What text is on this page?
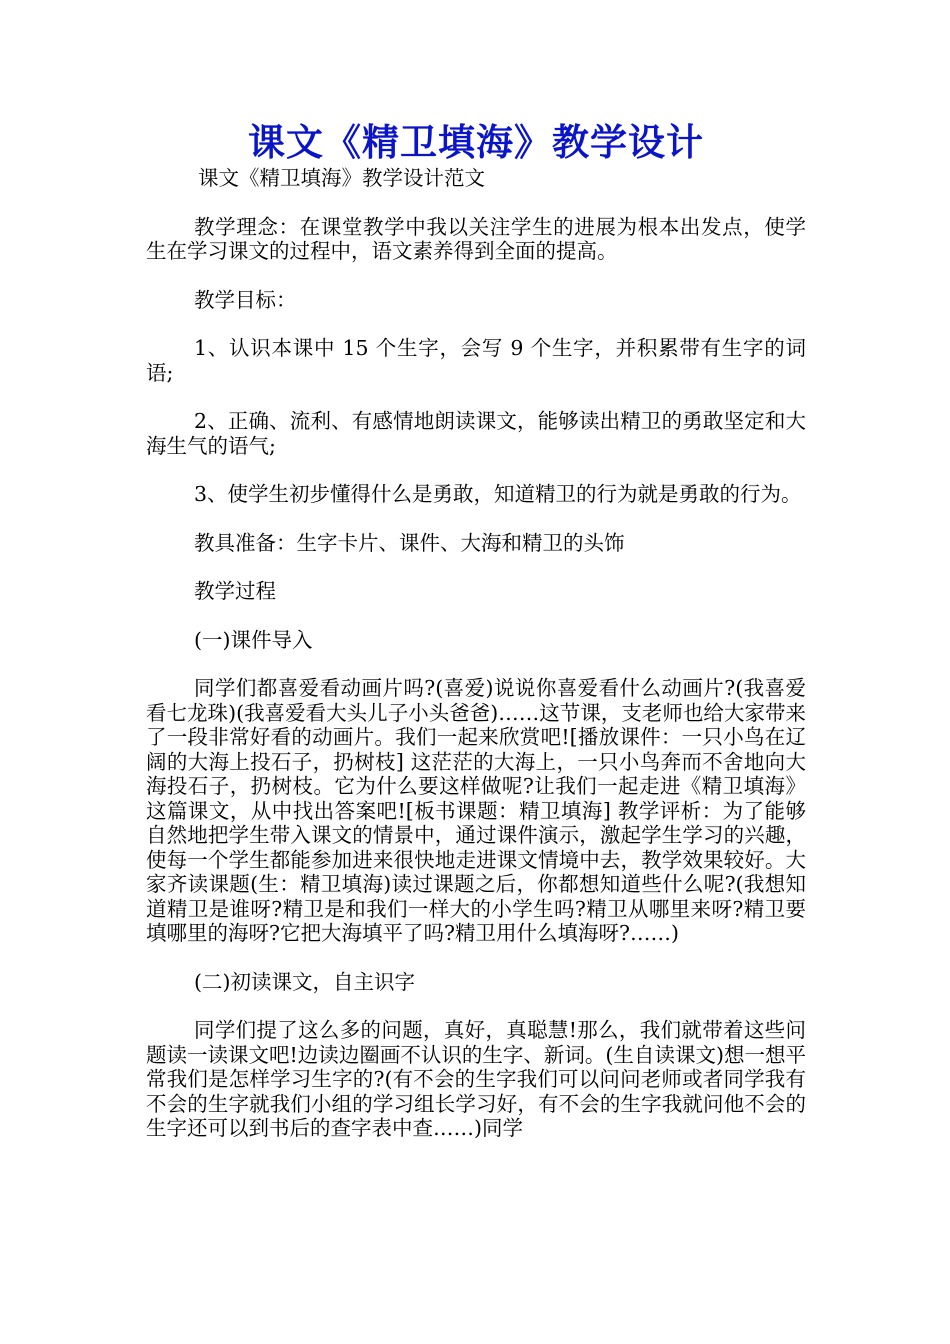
课文《精卫填海》教学设计
课文《精卫填海》教学设计范文

教学理念：在课堂教学中我以关注学生的进展为根本出发点，使学生在学习课文的过程中，语文素养得到全面的提高。

教学目标：

1、认识本课中 15 个生字，会写 9 个生字，并积累带有生字的词语;

2、正确、流利、有感情地朗读课文，能够读出精卫的勇敢坚定和大海生气的语气;

3、使学生初步懂得什么是勇敢，知道精卫的行为就是勇敢的行为。

教具准备：生字卡片、课件、大海和精卫的头饰

教学过程

(一)课件导入

同学们都喜爱看动画片吗?(喜爱)说说你喜爱看什么动画片?(我喜爱看七龙珠)(我喜爱看大头儿子小头爸爸)……这节课，支老师也给大家带来了一段非常好看的动画片。我们一起来欣赏吧![播放课件：一只小鸟在辽阔的大海上投石子，扔树枝] 这茫茫的大海上，一只小鸟奔而不舍地向大海投石子，扔树枝。它为什么要这样做呢?让我们一起走进《精卫填海》这篇课文，从中找出答案吧![板书课题：精卫填海] 教学评析：为了能够自然地把学生带入课文的情景中，通过课件演示，激起学生学习的兴趣，使每一个学生都能参加进来很快地走进课文情境中去，教学效果较好。大家齐读课题(生：精卫填海)读过课题之后，你都想知道些什么呢?(我想知道精卫是谁呀?精卫是和我们一样大的小学生吗?精卫从哪里来呀?精卫要填哪里的海呀?它把大海填平了吗?精卫用什么填海呀?……)

(二)初读课文，自主识字

同学们提了这么多的问题，真好，真聪慧!那么，我们就带着这些问题读一读课文吧!边读边圈画不认识的生字、新词。(生自读课文)想一想平常我们是怎样学习生字的?(有不会的生字我们可以问问老师或者同学我有不会的生字就我们小组的学习组长学习好，有不会的生字我就问他不会的生字还可以到书后的查字表中查……)同学
